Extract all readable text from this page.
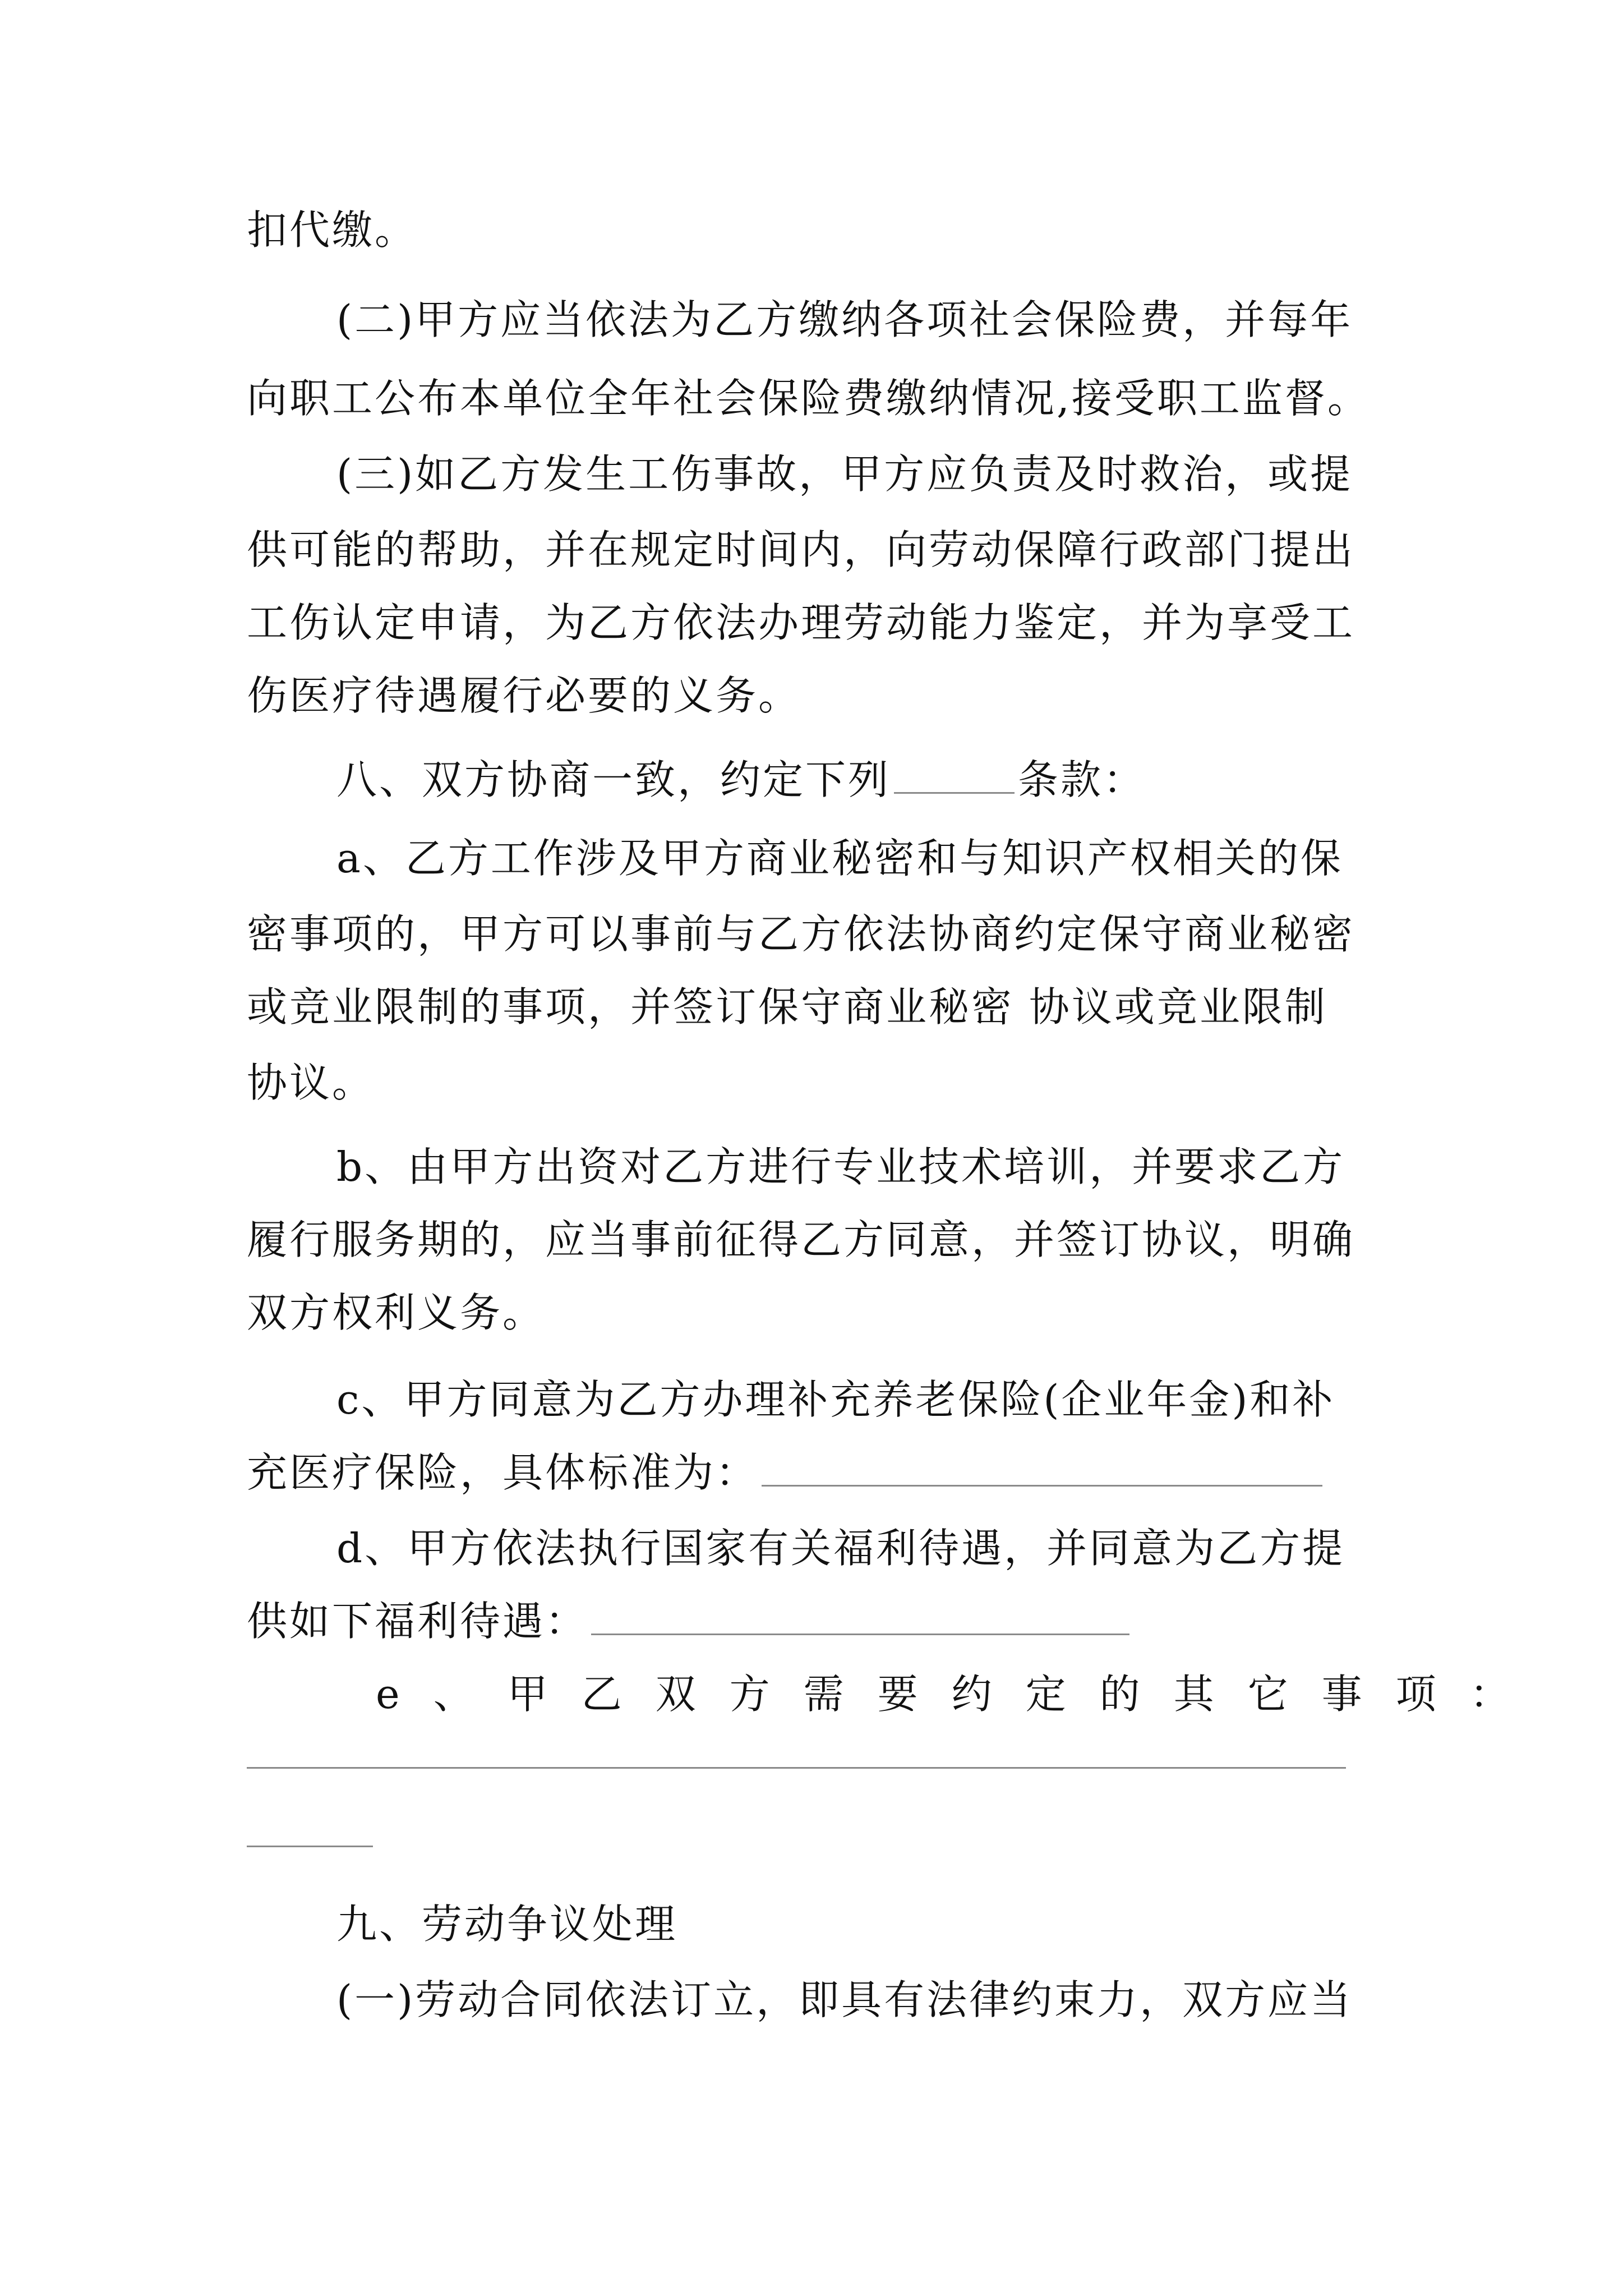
扣代缴。
(二)甲方应当依法为乙方缴纳各项社会保险费，并每年
向职工公布本单位全年社会保险费缴纳情况,接受职工监督。
(三)如乙方发生工伤事故，甲方应负责及时救治，或提
供可能的帮助，并在规定时间内，向劳动保障行政部门提出
工伤认定申请，为乙方依法办理劳动能力鉴定，并为享受工
伤医疗待遇履行必要的义务。
八、双方协商一致，约定下列	条款：
a、乙方工作涉及甲方商业秘密和与知识产权相关的保
密事项的，甲方可以事前与乙方依法协商约定保守商业秘密
或竞业限制的事项，并签订保守商业秘密 协议或竞业限制
协议。
b、由甲方出资对乙方进行专业技术培训，并要求乙方
履行服务期的，应当事前征得乙方同意，并签订协议，明确
双方权利义务。
c、甲方同意为乙方办理补充养老保险(企业年金)和补
充医疗保险，具体标准为：
d、甲方依法执行国家有关福利待遇，并同意为乙方提
供如下福利待遇：
e、甲乙双方需要约定的其它事项：
九、劳动争议处理
(一)劳动合同依法订立，即具有法律约束力，双方应当
